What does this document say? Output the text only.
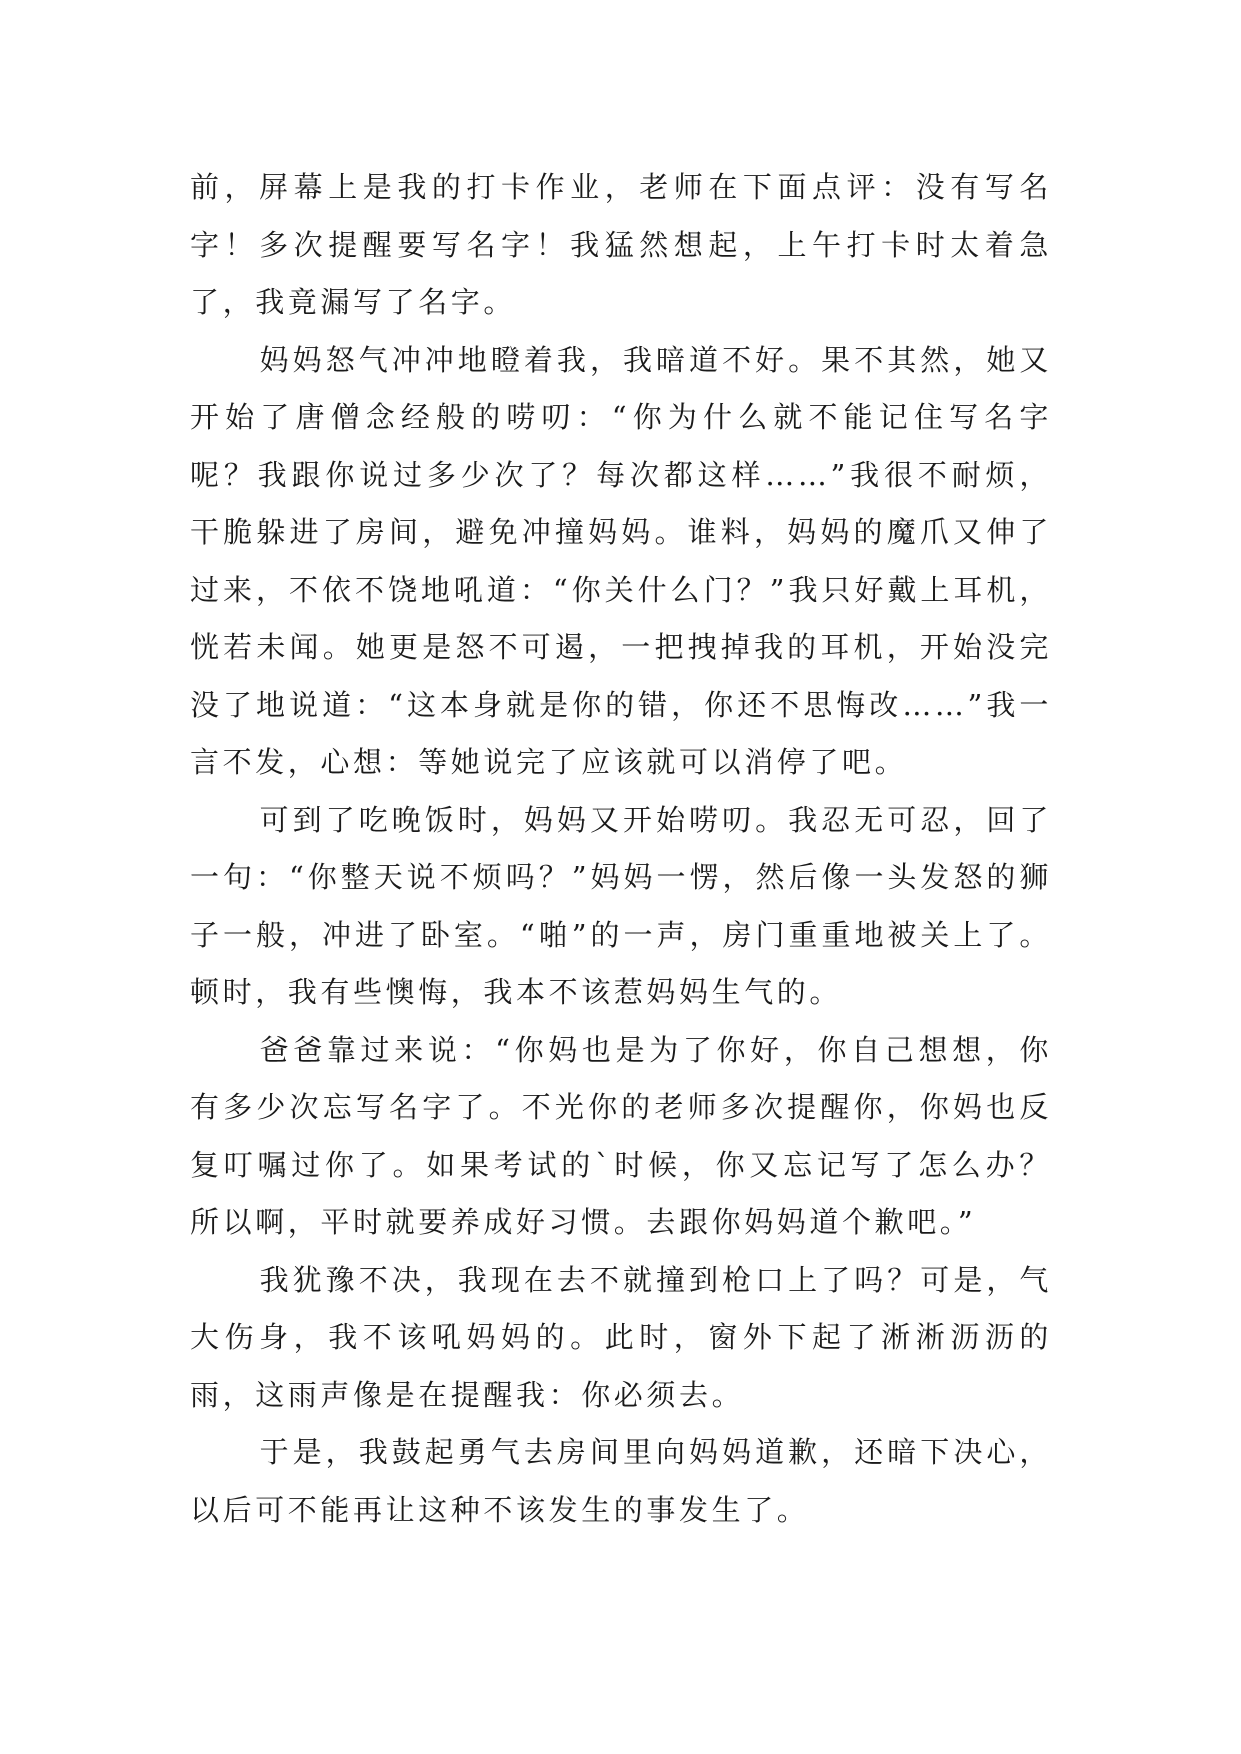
前，屏幕上是我的打卡作业，老师在下面点评：没有写名字！多次提醒要写名字！我猛然想起，上午打卡时太着急了，我竟漏写了名字。

妈妈怒气冲冲地瞪着我，我暗道不好。果不其然，她又开始了唐僧念经般的唠叨：“你为什么就不能记住写名字呢？我跟你说过多少次了？每次都这样……”我很不耐烦，干脆躲进了房间，避免冲撞妈妈。谁料，妈妈的魔爪又伸了过来，不依不饶地吼道：“你关什么门？”我只好戴上耳机，恍若未闻。她更是怒不可遏，一把拽掉我的耳机，开始没完没了地说道：“这本身就是你的错，你还不思悔改……”我一言不发，心想：等她说完了应该就可以消停了吧。

可到了吃晚饭时，妈妈又开始唠叨。我忍无可忍，回了一句：“你整天说不烦吗？”妈妈一愣，然后像一头发怒的狮子一般，冲进了卧室。“啪”的一声，房门重重地被关上了。顿时，我有些懊悔，我本不该惹妈妈生气的。

爸爸靠过来说：“你妈也是为了你好，你自己想想，你有多少次忘写名字了。不光你的老师多次提醒你，你妈也反复叮嘱过你了。如果考试的`时候，你又忘记写了怎么办？所以啊，平时就要养成好习惯。去跟你妈妈道个歉吧。”

我犹豫不决，我现在去不就撞到枪口上了吗？可是，气大伤身，我不该吼妈妈的。此时，窗外下起了淅淅沥沥的雨，这雨声像是在提醒我：你必须去。

于是，我鼓起勇气去房间里向妈妈道歉，还暗下决心，以后可不能再让这种不该发生的事发生了。
